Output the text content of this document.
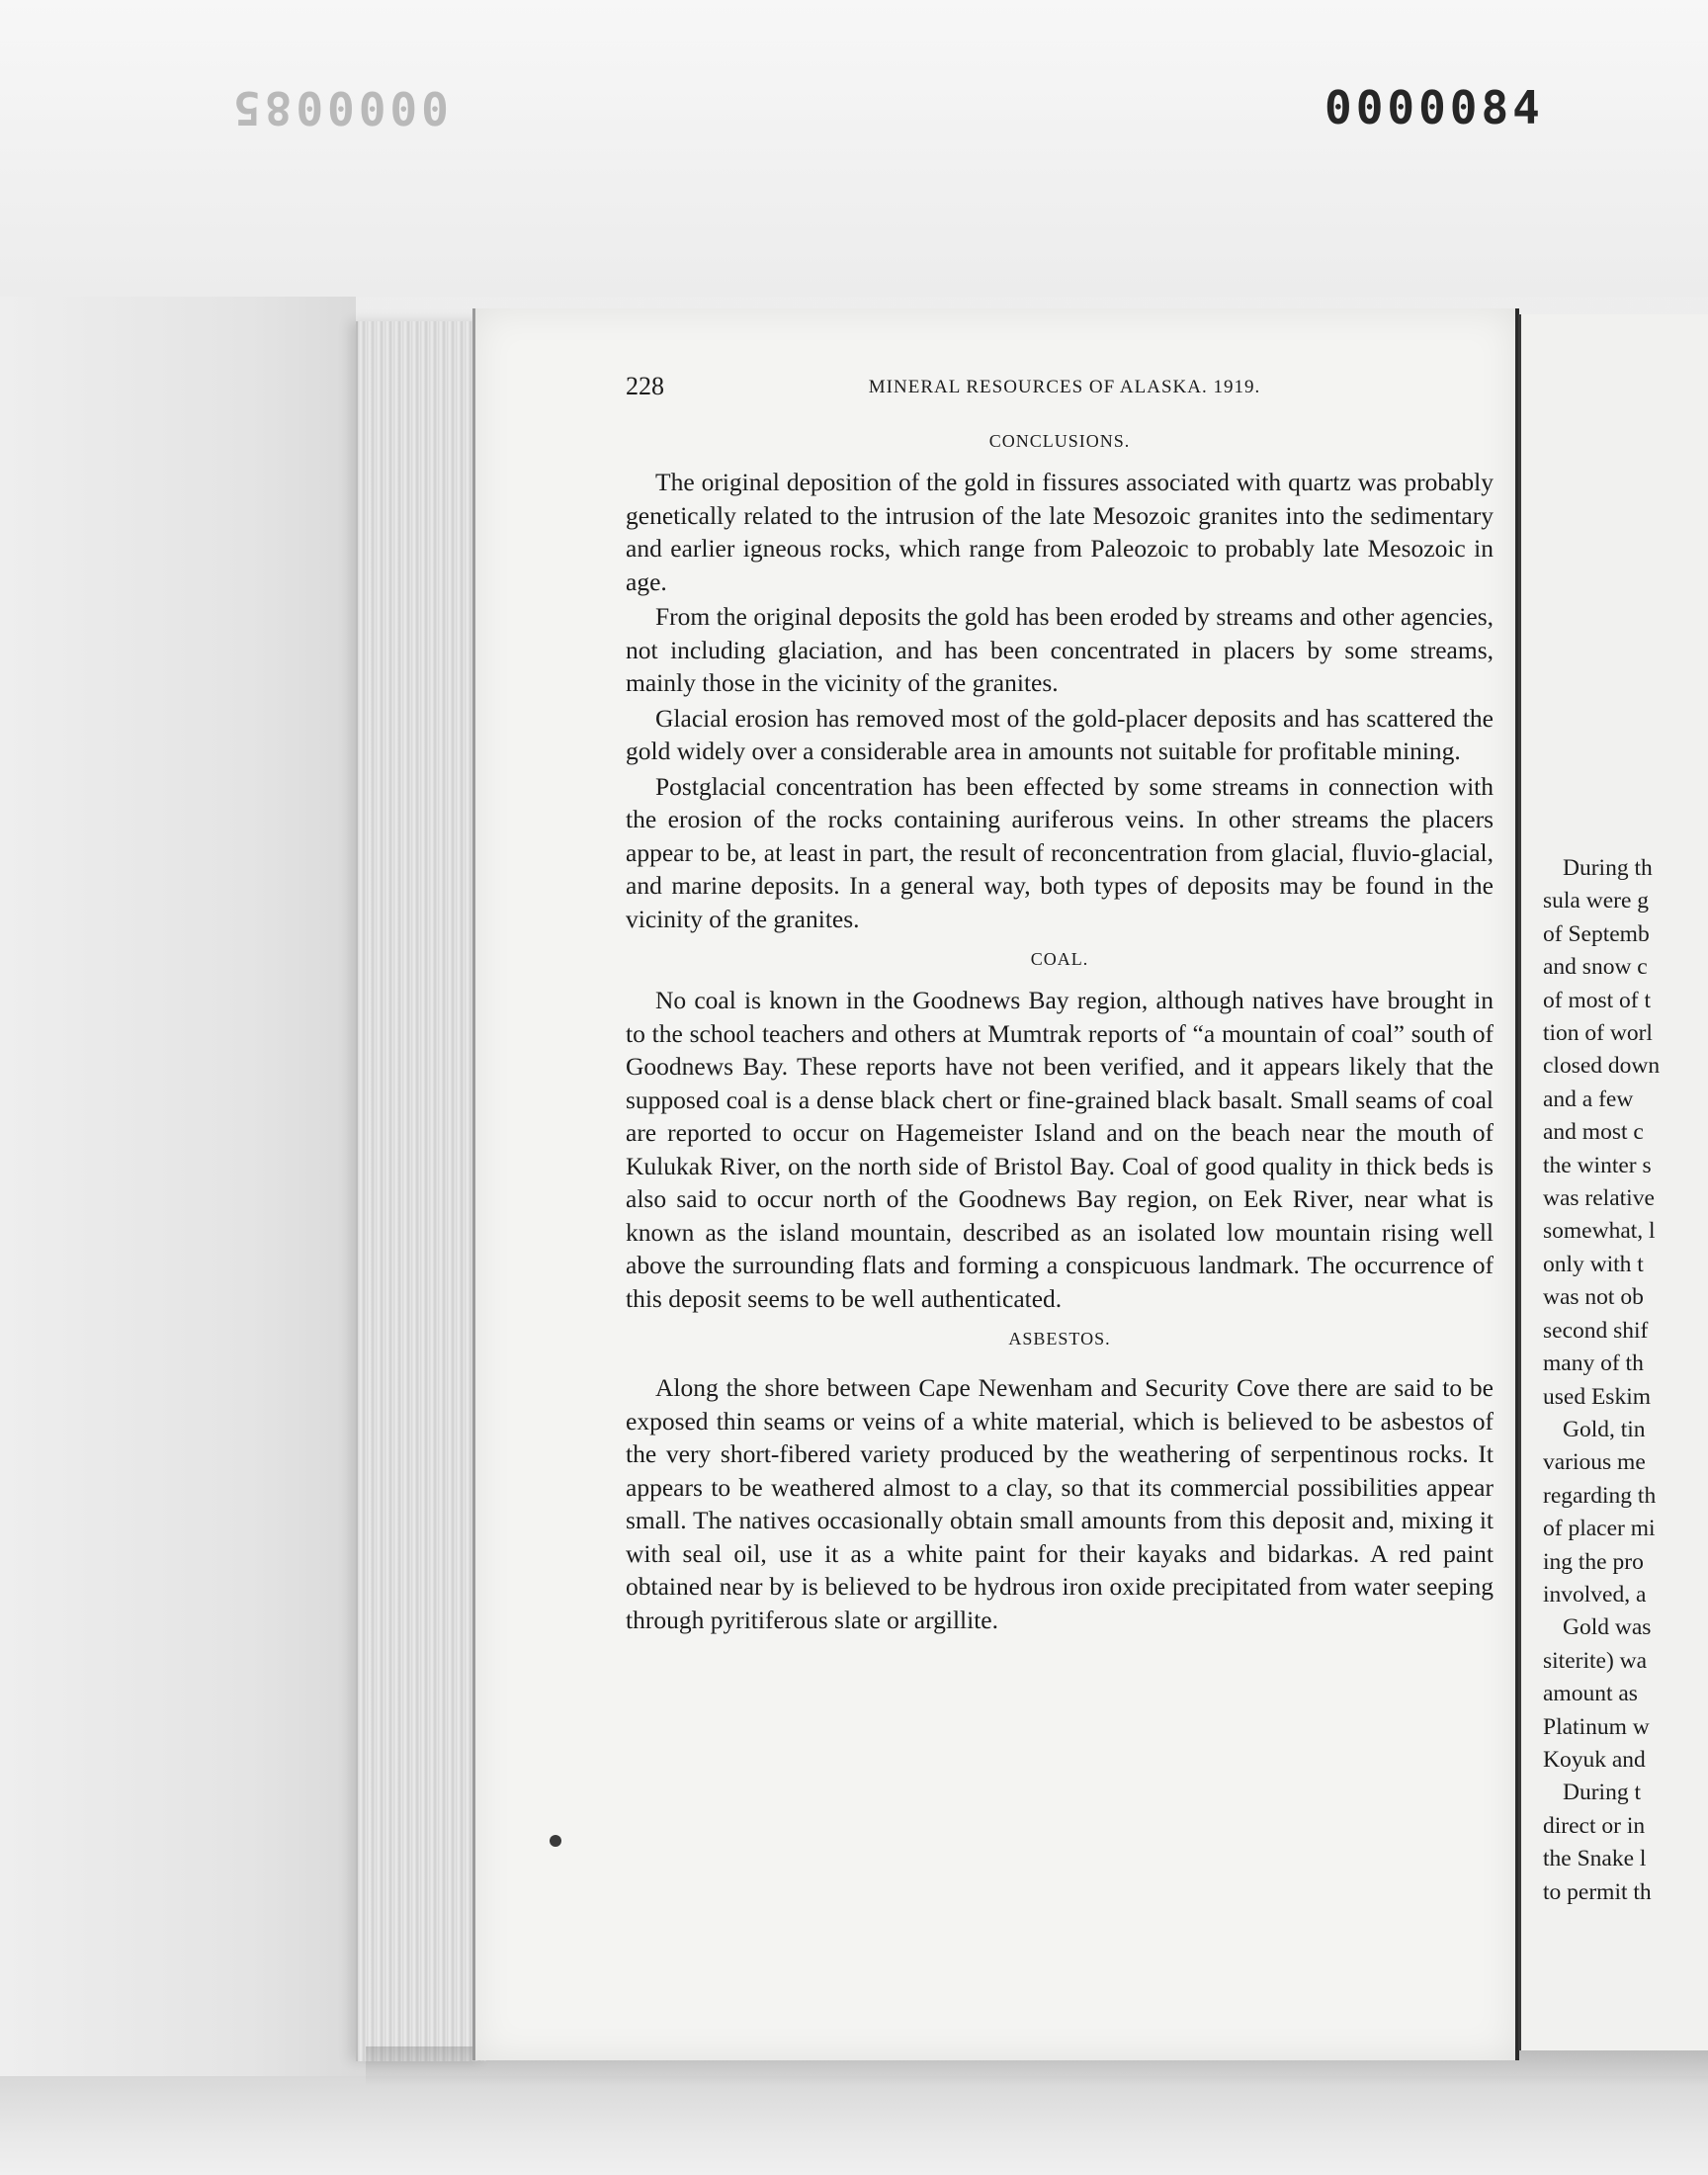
0000085	0000084
228	MINERAL RESOURCES OF ALASKA. 1919.
CONCLUSIONS.

The original deposition of the gold in fissures associated with quartz was probably genetically related to the intrusion of the late Mesozoic granites into the sedimentary and earlier igneous rocks, which range from Paleozoic to probably late Mesozoic in age.

From the original deposits the gold has been eroded by streams and other agencies, not including glaciation, and has been concentrated in placers by some streams, mainly those in the vicinity of the granites.

Glacial erosion has removed most of the gold-placer deposits and has scattered the gold widely over a considerable area in amounts not suitable for profitable mining.

Postglacial concentration has been effected by some streams in connection with the erosion of the rocks containing auriferous veins. In other streams the placers appear to be, at least in part, the result of reconcentration from glacial, fluvio-glacial, and marine deposits. In a general way, both types of deposits may be found in the vicinity of the granites.

COAL.

No coal is known in the Goodnews Bay region, although natives have brought in to the school teachers and others at Mumtrak reports of “a mountain of coal” south of Goodnews Bay. These reports have not been verified, and it appears likely that the supposed coal is a dense black chert or fine-grained black basalt. Small seams of coal are reported to occur on Hagemeister Island and on the beach near the mouth of Kulukak River, on the north side of Bristol Bay. Coal of good quality in thick beds is also said to occur north of the Goodnews Bay region, on Eek River, near what is known as the island mountain, described as an isolated low mountain rising well above the surrounding flats and forming a conspicuous landmark. The occurrence of this deposit seems to be well authenticated.

ASBESTOS.

Along the shore between Cape Newenham and Security Cove there are said to be exposed thin seams or veins of a white material, which is believed to be asbestos of the very short-fibered variety produced by the weathering of serpentinous rocks. It appears to be weathered almost to a clay, so that its commercial possibilities appear small. The natives occasionally obtain small amounts from this deposit and, mixing it with seal oil, use it as a white paint for their kayaks and bidarkas. A red paint obtained near by is believed to be hydrous iron oxide precipitated from water seeping through pyritiferous slate or argillite.

During th
sula were g
of Septemb
and snow c
of most of t
tion of worl
closed down
and a few
and most c
the winter s
was relative
somewhat, l
only with t
was not ob
second shif
many of th
used Eskim
Gold, tin
various me
regarding th
of placer mi
ing the pro
involved, a
Gold was
siterite) wa
amount as
Platinum w
Koyuk and
During t
direct or in
the Snake l
to permit th
